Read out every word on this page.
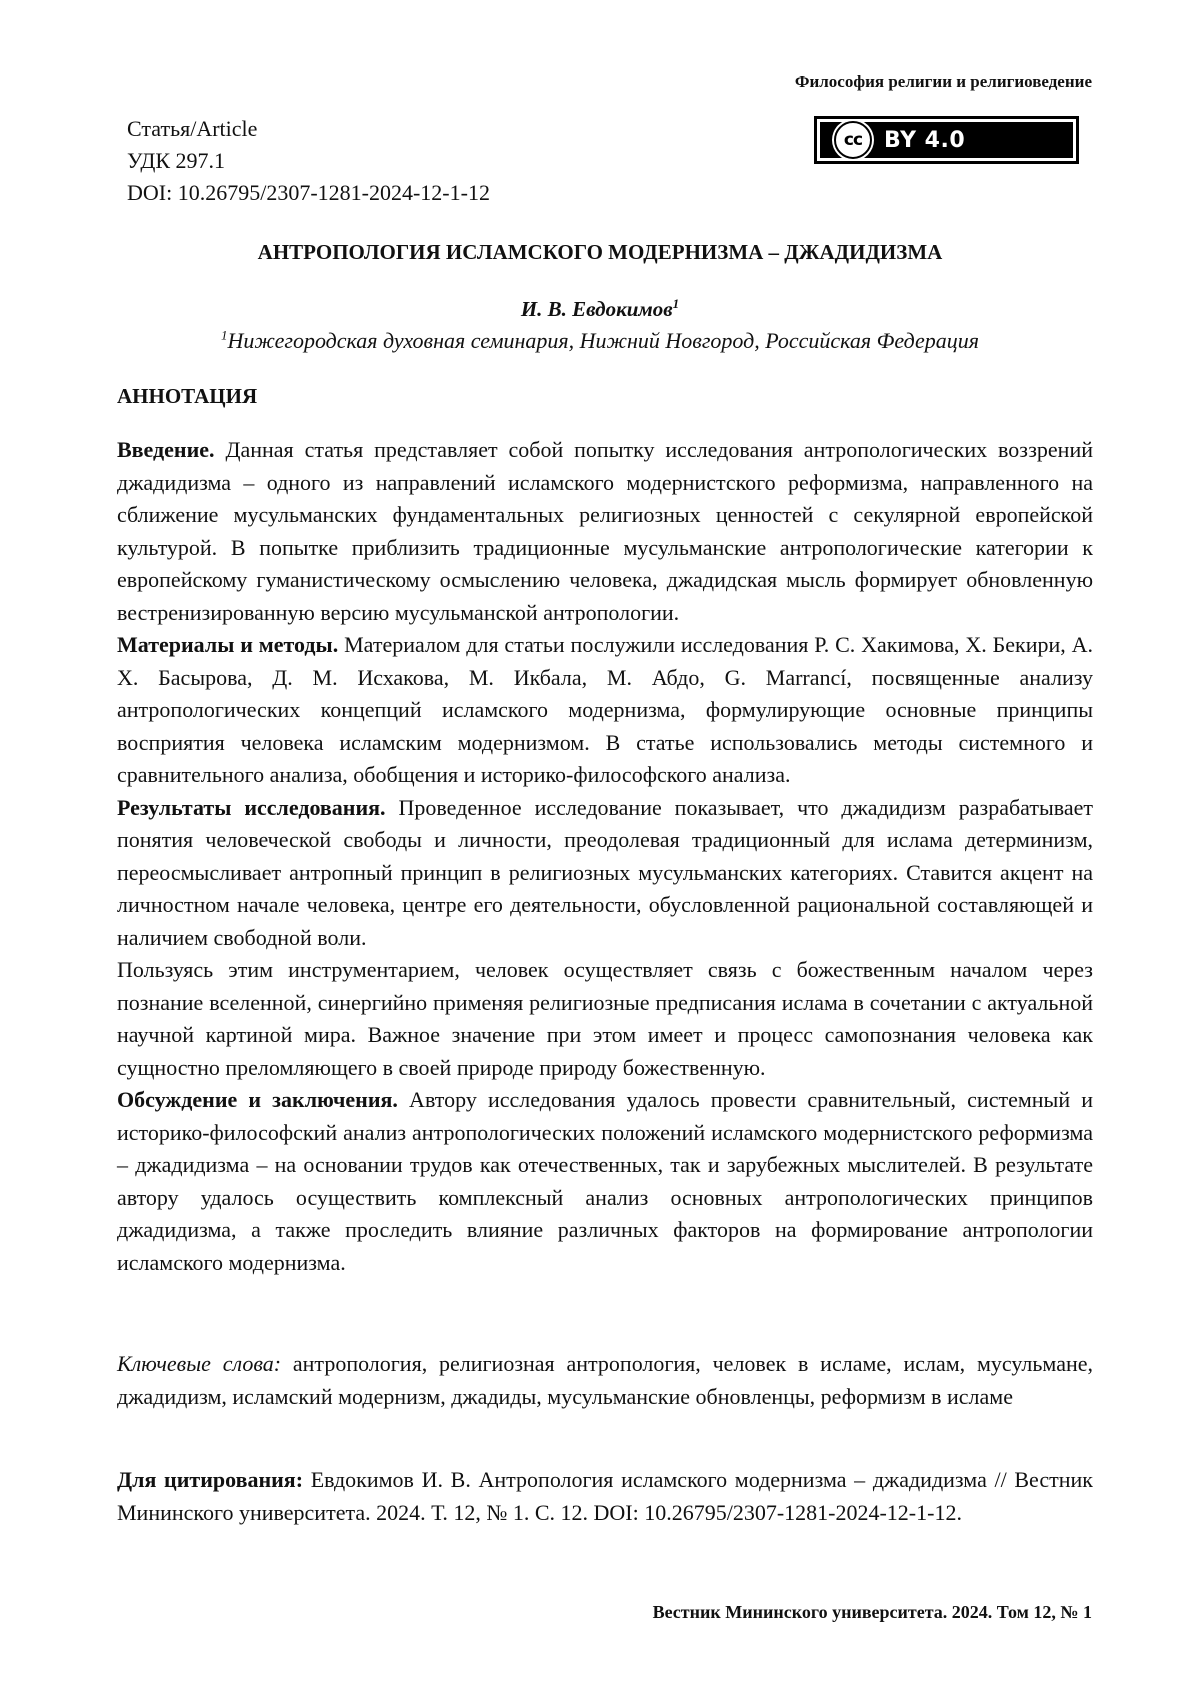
Философия религии и религиоведение
Статья/Article
УДК 297.1
DOI: 10.26795/2307-1281-2024-12-1-12
cc BY 4.0
АНТРОПОЛОГИЯ ИСЛАМСКОГО МОДЕРНИЗМА – ДЖАДИДИЗМА
И. В. Евдокимов1
1Нижегородская духовная семинария, Нижний Новгород, Российская Федерация
АННОТАЦИЯ

Введение. Данная статья представляет собой попытку исследования антропологических воззрений джадидизма – одного из направлений исламского модернистского реформизма, направленного на сближение мусульманских фундаментальных религиозных ценностей с секулярной европейской культурой. В попытке приблизить традиционные мусульманские антропологические категории к европейскому гуманистическому осмыслению человека, джадидская мысль формирует обновленную вестренизированную версию мусульманской антропологии.

Материалы и методы. Материалом для статьи послужили исследования Р. С. Хакимова, Х. Бекири, А. Х. Басырова, Д. М. Исхакова, М. Икбала, М. Абдо, G. Marrancí, посвященные анализу антропологических концепций исламского модернизма, формулирующие основные принципы восприятия человека исламским модернизмом. В статье использовались методы системного и сравнительного анализа, обобщения и историко-философского анализа.

Результаты исследования. Проведенное исследование показывает, что джадидизм разрабатывает понятия человеческой свободы и личности, преодолевая традиционный для ислама детерминизм, переосмысливает антропный принцип в религиозных мусульманских категориях. Ставится акцент на личностном начале человека, центре его деятельности, обусловленной рациональной составляющей и наличием свободной воли.

Пользуясь этим инструментарием, человек осуществляет связь с божественным началом через познание вселенной, синергийно применяя религиозные предписания ислама в сочетании с актуальной научной картиной мира. Важное значение при этом имеет и процесс самопознания человека как сущностно преломляющего в своей природе природу божественную.

Обсуждение и заключения. Автору исследования удалось провести сравнительный, системный и историко-философский анализ антропологических положений исламского модернистского реформизма – джадидизма – на основании трудов как отечественных, так и зарубежных мыслителей. В результате автору удалось осуществить комплексный анализ основных антропологических принципов джадидизма, а также проследить влияние различных факторов на формирование антропологии исламского модернизма.

Ключевые слова: антропология, религиозная антропология, человек в исламе, ислам, мусульмане, джадидизм, исламский модернизм, джадиды, мусульманские обновленцы, реформизм в исламе

Для цитирования: Евдокимов И. В. Антропология исламского модернизма – джадидизма // Вестник Мининского университета. 2024. Т. 12, № 1. С. 12. DOI: 10.26795/2307-1281-2024-12-1-12.

Вестник Мининского университета. 2024. Том 12, № 1
